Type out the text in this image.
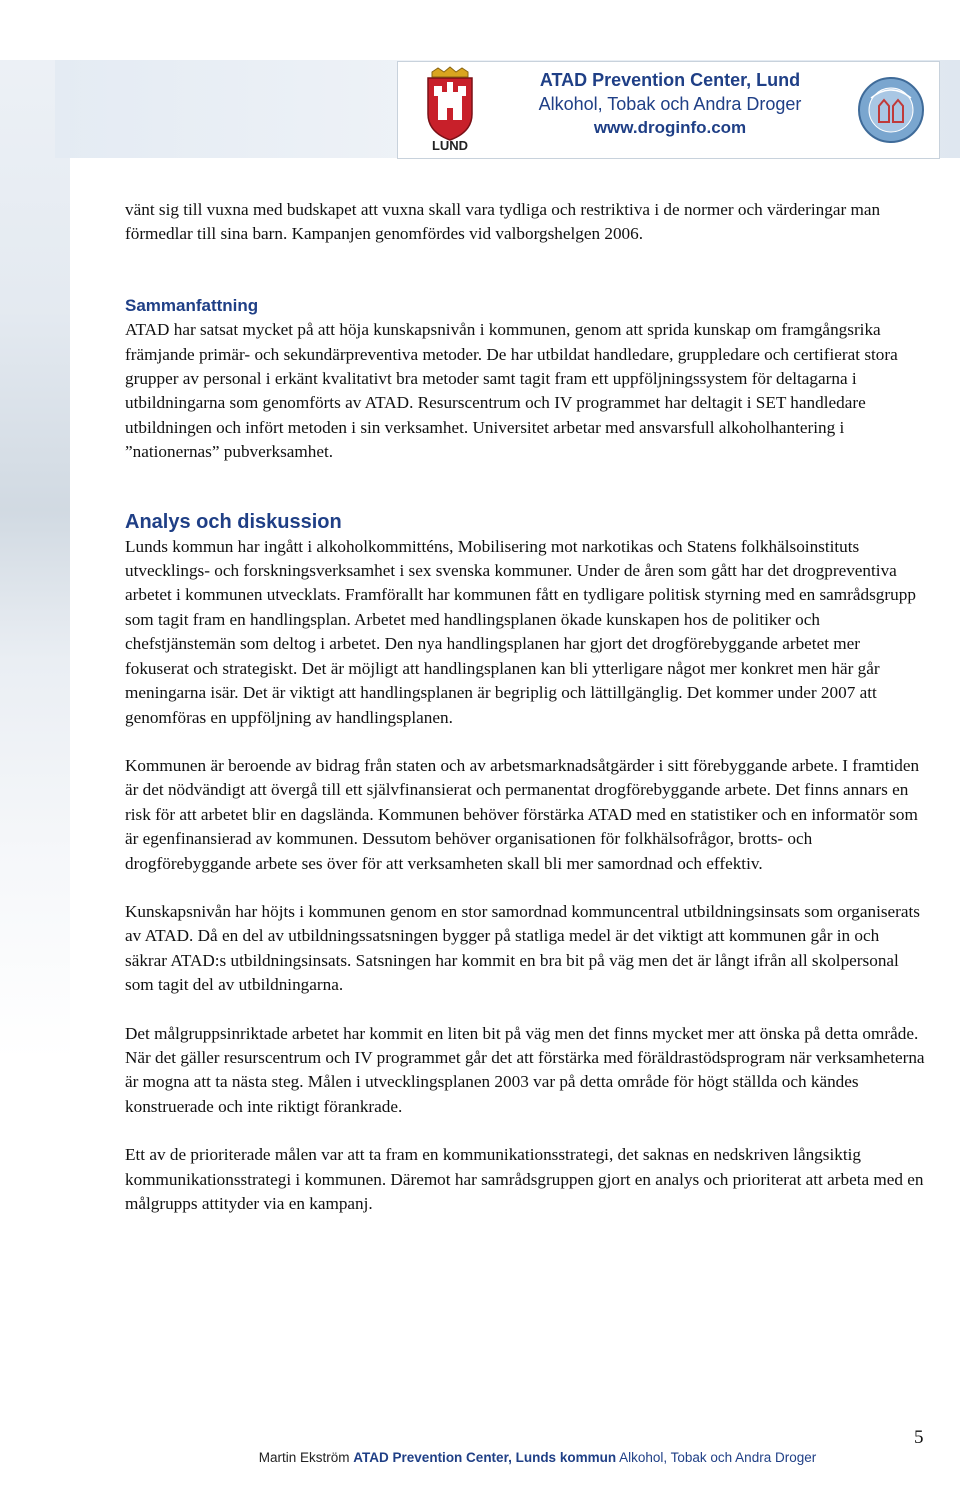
LUND
ATAD Prevention Center, Lund
Alkohol, Tobak och Andra Droger
www.droginfo.com

vänt sig till vuxna med budskapet att vuxna skall vara tydliga och restriktiva i de normer och värderingar man förmedlar till sina barn. Kampanjen genomfördes vid valborgshelgen 2006.

Sammanfattning

ATAD har satsat mycket på att höja kunskapsnivån i kommunen, genom att sprida kunskap om framgångsrika främjande primär- och sekundärpreventiva metoder. De har utbildat handledare, gruppledare och certifierat stora grupper av personal i erkänt kvalitativt bra metoder samt tagit fram ett uppföljningssystem för deltagarna i utbildningarna som genomförts av ATAD. Resurscentrum och IV programmet har deltagit i SET handledare utbildningen och infört metoden i sin verksamhet. Universitet arbetar med ansvarsfull alkoholhantering i ”nationernas” pubverksamhet.

Analys och diskussion

Lunds kommun har ingått i alkoholkommitténs, Mobilisering mot narkotikas och Statens folkhälsoinstituts utvecklings- och forskningsverksamhet i sex svenska kommuner. Under de åren som gått har det drogpreventiva arbetet i kommunen utvecklats. Framförallt har kommunen fått en tydligare politisk styrning med en samrådsgrupp som tagit fram en handlingsplan. Arbetet med handlingsplanen ökade kunskapen hos de politiker och chefstjänstemän som deltog i arbetet. Den nya handlingsplanen har gjort det drogförebyggande arbetet mer fokuserat och strategiskt. Det är möjligt att handlingsplanen kan bli ytterligare något mer konkret men här går meningarna isär. Det är viktigt att handlingsplanen är begriplig och lättillgänglig. Det kommer under 2007 att genomföras en uppföljning av handlingsplanen.

Kommunen är beroende av bidrag från staten och av arbetsmarknadsåtgärder i sitt förebyggande arbete. I framtiden är det nödvändigt att övergå till ett självfinansierat och permanentat drogförebyggande arbete. Det finns annars en risk för att arbetet blir en dagslända. Kommunen behöver förstärka ATAD med en statistiker och en informatör som är egenfinansierad av kommunen. Dessutom behöver organisationen för folkhälsofrågor, brotts- och drogförebyggande arbete ses över för att verksamheten skall bli mer samordnad och effektiv.

Kunskapsnivån har höjts i kommunen genom en stor samordnad kommuncentral utbildningsinsats som organiserats av ATAD. Då en del av utbildningssatsningen bygger på statliga medel är det viktigt att kommunen går in och säkrar ATAD:s utbildningsinsats. Satsningen har kommit en bra bit på väg men det är långt ifrån all skolpersonal som tagit del av utbildningarna.

Det målgruppsinriktade arbetet har kommit en liten bit på väg men det finns mycket mer att önska på detta område. När det gäller resurscentrum och IV programmet går det att förstärka med föräldrastödsprogram när verksamheterna är mogna att ta nästa steg. Målen i utvecklingsplanen 2003 var på detta område för högt ställda och kändes konstruerade och inte riktigt förankrade.

Ett av de prioriterade målen var att ta fram en kommunikationsstrategi, det saknas en nedskriven långsiktig kommunikationsstrategi i kommunen. Däremot har samrådsgruppen gjort en analys och prioriterat att arbeta med en målgrupps attityder via en kampanj.

5
Martin Ekström ATAD Prevention Center, Lunds kommun Alkohol, Tobak och Andra Droger
